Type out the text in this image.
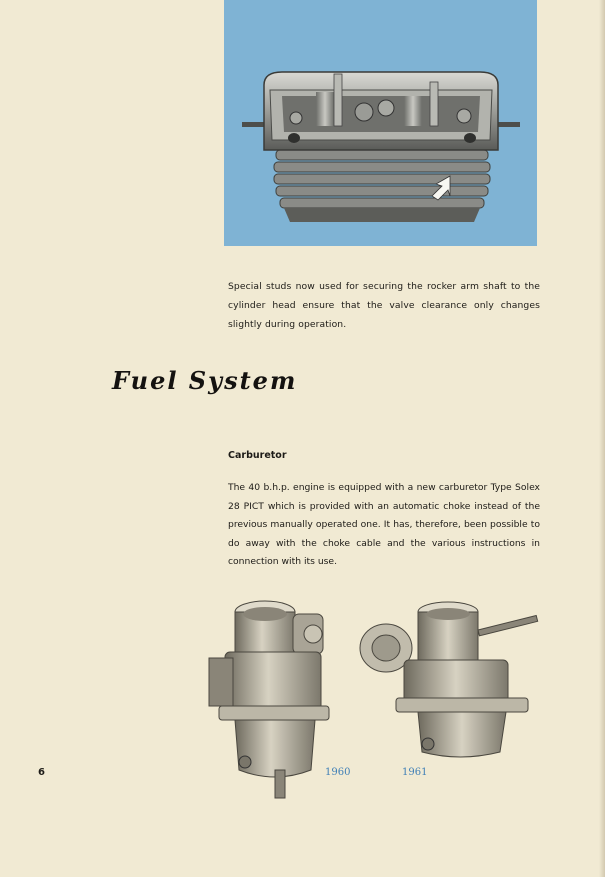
Special studs now used for securing the rocker arm shaft to the cylinder head ensure that the valve clearance only changes slightly during operation.
Fuel System
Carburetor
The 40 b.h.p. engine is equipped with a new carburetor Type Solex 28 PICT which is provided with an automatic choke instead of the previous manually operated one. It has, therefore, been possible to do away with the choke cable and the various instructions in connection with its use.
1960	1961
6
